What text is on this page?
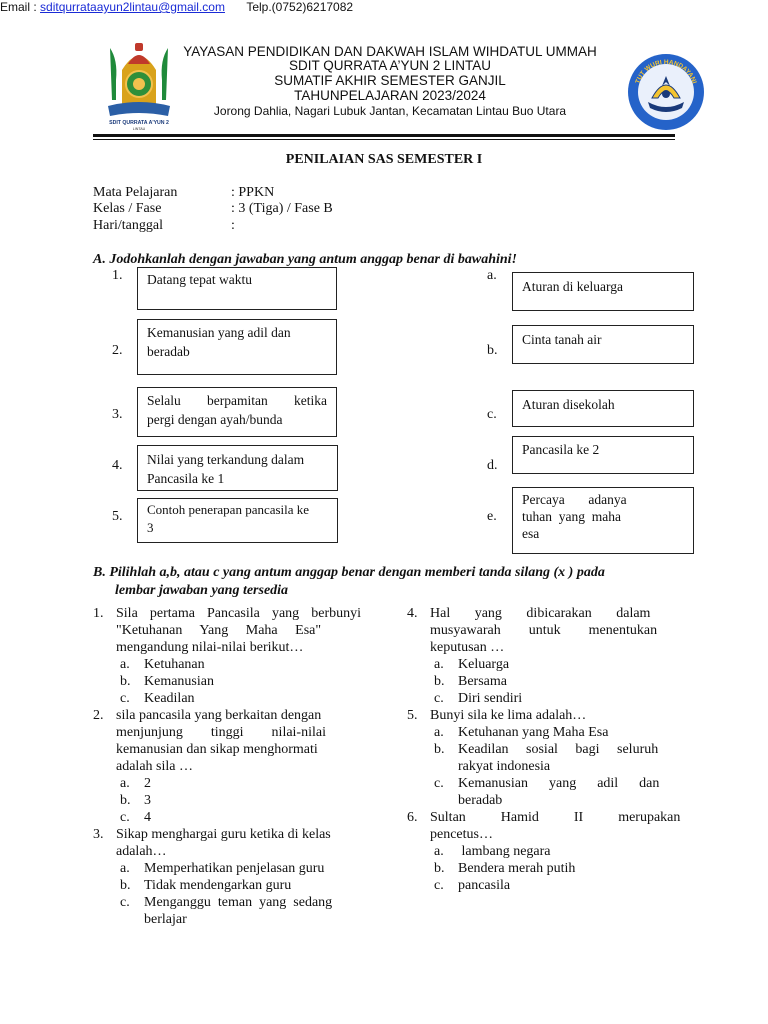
SDIT QURRATA A'YUN 2
LINTAU
YAYASAN PENDIDIKAN DAN DAKWAH ISLAM WIHDATUL UMMAH
SDIT QURRATA A’YUN 2 LINTAU
SUMATIF AKHIR SEMESTER GANJIL
TAHUNPELAJARAN 2023/2024
Jorong Dahlia, Nagari Lubuk Jantan, Kecamatan Lintau Buo Utara
Email : sditqurrataayun2lintau@gmail.com Telp.(0752)6217082
TUT WURI HANDAYANI
PENILAIAN SAS SEMESTER I
Mata Pelajaran	: PPKN
Kelas / Fase	: 3 (Tiga) / Fase B
Hari/tanggal	:
A. Jodohkanlah dengan jawaban yang antum anggap benar di bawahini!
1. Datang tepat waktu
2.
Kemanusian yang adil dan
beradab
3.
Selalu berpamitan ketika
pergi dengan ayah/bunda
4. Nilai yang terkandung dalam
Pancasila ke 1
5. Contoh penerapan pancasila ke
3
a.
Aturan di keluarga
b.
Cinta tanah air
c.
Aturan disekolah
d.
Pancasila ke 2
e.
Percaya       adanya
tuhan  yang  maha
esa
B. Pilihlah a,b, atau c yang antum anggap benar dengan memberi tanda silang (x ) pada
lembar jawaban yang tersedia
1. Sila pertama Pancasila yang berbunyi
"Ketuhanan     Yang     Maha     Esa"
mengandung nilai-nilai berikut…
a. Ketuhanan
b. Kemanusian
c. Keadilan
2. sila pancasila yang berkaitan dengan
menjunjung        tinggi        nilai-nilai
kemanusian dan sikap menghormati
adalah sila …
a. 2
b. 3
c. 4
3. Sikap menghargai guru ketika di kelas
adalah…
a. Memperhatikan penjelasan guru
b. Tidak mendengarkan guru
c. Menganggu  teman  yang  sedang
berlajar
4. Hal       yang       dibicarakan       dalam
musyawarah        untuk        menentukan
keputusan …
a. Keluarga
b. Bersama
c. Diri sendiri
5. Bunyi sila ke lima adalah…
a. Ketuhanan yang Maha Esa
b. Keadilan     sosial     bagi     seluruh
rakyat indonesia
c. Kemanusian      yang      adil      dan
beradab
6. Sultan          Hamid          II          merupakan
pencetus…
a. lambang negara
b. Bendera merah putih
c. pancasila
